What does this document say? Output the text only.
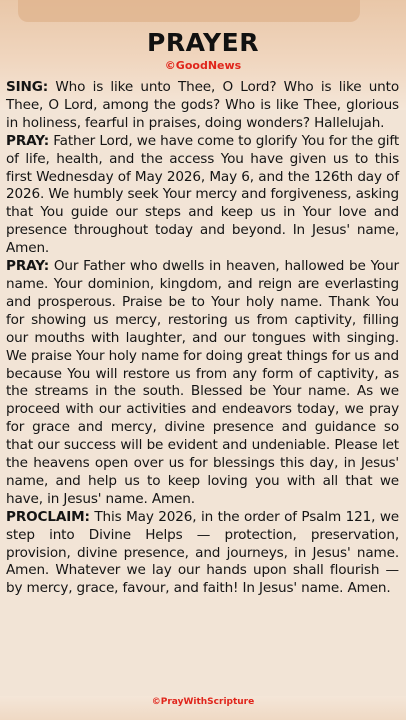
PRAYER
©GoodNews

SING: Who is like unto Thee, O Lord? Who is like unto Thee, O Lord, among the gods? Who is like Thee, glorious in holiness, fearful in praises, doing wonders? Hallelujah.

PRAY: Father Lord, we have come to glorify You for the gift of life, health, and the access You have given us to this first Wednesday of May 2026, May 6, and the 126th day of 2026. We humbly seek Your mercy and forgiveness, asking that You guide our steps and keep us in Your love and presence throughout today and beyond. In Jesus' name, Amen.

PRAY: Our Father who dwells in heaven, hallowed be Your name. Your dominion, kingdom, and reign are everlasting and prosperous. Praise be to Your holy name. Thank You for showing us mercy, restoring us from captivity, filling our mouths with laughter, and our tongues with singing. We praise Your holy name for doing great things for us and because You will restore us from any form of captivity, as the streams in the south. Blessed be Your name. As we proceed with our activities and endeavors today, we pray for grace and mercy, divine presence and guidance so that our success will be evident and undeniable. Please let the heavens open over us for blessings this day, in Jesus' name, and help us to keep loving you with all that we have, in Jesus' name. Amen.

PROCLAIM: This May 2026, in the order of Psalm 121, we step into Divine Helps — protection, preservation, provision, divine presence, and journeys, in Jesus' name. Amen. Whatever we lay our hands upon shall flourish — by mercy, grace, favour, and faith! In Jesus' name. Amen.

©PrayWithScripture
